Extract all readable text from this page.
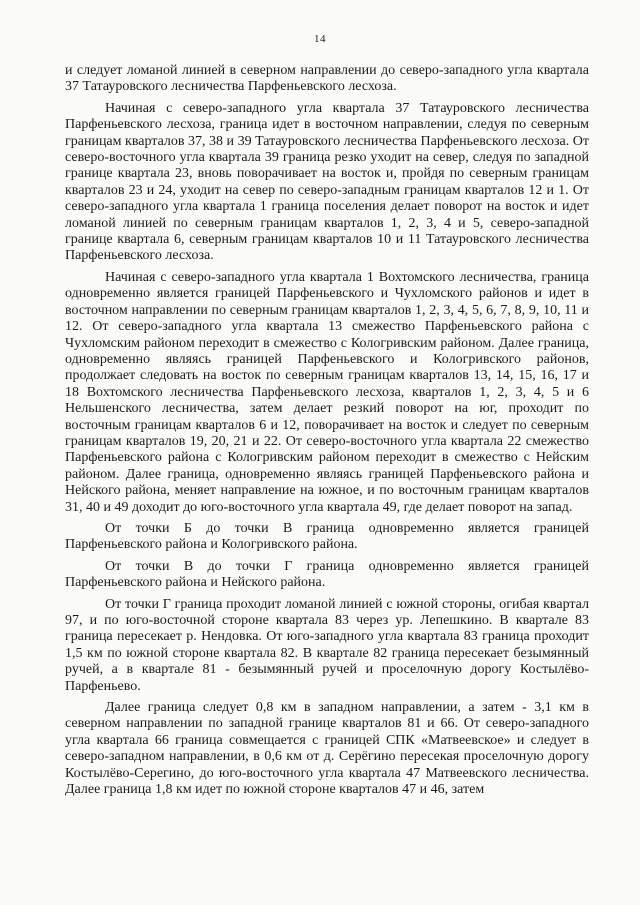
14

и следует ломаной линией в северном направлении до северо-западного угла квартала 37 Татауровского лесничества Парфеньевского лесхоза.

Начиная с северо-западного угла квартала 37 Татауровского лесничества Парфеньевского лесхоза, граница идет в восточном направлении, следуя по северным границам кварталов 37, 38 и 39 Татауровского лесничества Парфеньевского лесхоза. От северо-восточного угла квартала 39 граница резко уходит на север, следуя по западной границе квартала 23, вновь поворачивает на восток и, пройдя по северным границам кварталов 23 и 24, уходит на север по северо-западным границам кварталов 12 и 1. От северо-западного угла квартала 1 граница поселения делает поворот на восток и идет ломаной линией по северным границам кварталов 1, 2, 3, 4 и 5, северо-западной границе квартала 6, северным границам кварталов 10 и 11 Татауровского лесничества Парфеньевского лесхоза.

Начиная с северо-западного угла квартала 1 Вохтомского лесничества, граница одновременно является границей Парфеньевского и Чухломского районов и идет в восточном направлении по северным границам кварталов 1, 2, 3, 4, 5, 6, 7, 8, 9, 10, 11 и 12. От северо-западного угла квартала 13 смежество Парфеньевского района с Чухломским районом переходит в смежество с Кологривским районом. Далее граница, одновременно являясь границей Парфеньевского и Кологривского районов, продолжает следовать на восток по северным границам кварталов 13, 14, 15, 16, 17 и 18 Вохтомского лесничества Парфеньевского лесхоза, кварталов 1, 2, 3, 4, 5 и 6 Нельшенского лесничества, затем делает резкий поворот на юг, проходит по восточным границам кварталов 6 и 12, поворачивает на восток и следует по северным границам кварталов 19, 20, 21 и 22. От северо-восточного угла квартала 22 смежество Парфеньевского района с Кологривским районом переходит в смежество с Нейским районом. Далее граница, одновременно являясь границей Парфеньевского района и Нейского района, меняет направление на южное, и по восточным границам кварталов 31, 40 и 49 доходит до юго-восточного угла квартала 49, где делает поворот на запад.

От точки Б до точки В граница одновременно является границей Парфеньевского района и Кологривского района.

От точки В до точки Г граница одновременно является границей Парфеньевского района и Нейского района.

От точки Г граница проходит ломаной линией с южной стороны, огибая квартал 97, и по юго-восточной стороне квартала 83 через ур. Лепешкино. В квартале 83 граница пересекает р. Нендовка. От юго-западного угла квартала 83 граница проходит 1,5 км по южной стороне квартала 82. В квартале 82 граница пересекает безымянный ручей, а в квартале 81 - безымянный ручей и проселочную дорогу Костылёво-Парфеньево.

Далее граница следует 0,8 км в западном направлении, а затем - 3,1 км в северном направлении по западной границе кварталов 81 и 66. От северо-западного угла квартала 66 граница совмещается с границей СПК «Матвеевское» и следует в северо-западном направлении, в 0,6 км от д. Серёгино пересекая проселочную дорогу Костылёво-Серегино, до юго-восточного угла квартала 47 Матвеевского лесничества. Далее граница 1,8 км идет по южной стороне кварталов 47 и 46, затем
